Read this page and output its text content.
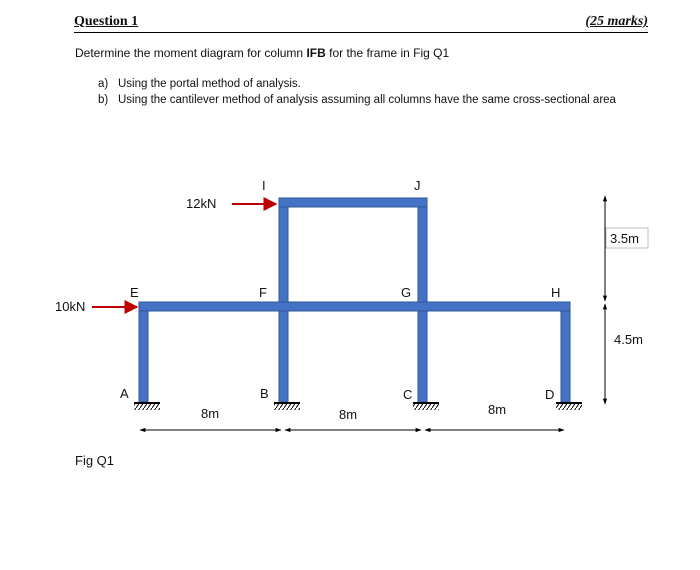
Question 1	(25 marks)
Determine the moment diagram for column IFB for the frame in Fig Q1
a) Using the portal method of analysis.
b) Using the cantilever method of analysis assuming all columns have the same cross-sectional area
A	B	C	D
E	F	G	H
I	J
10kN
12kN
8m	8m	8m
3.5m
4.5m
Fig Q1
